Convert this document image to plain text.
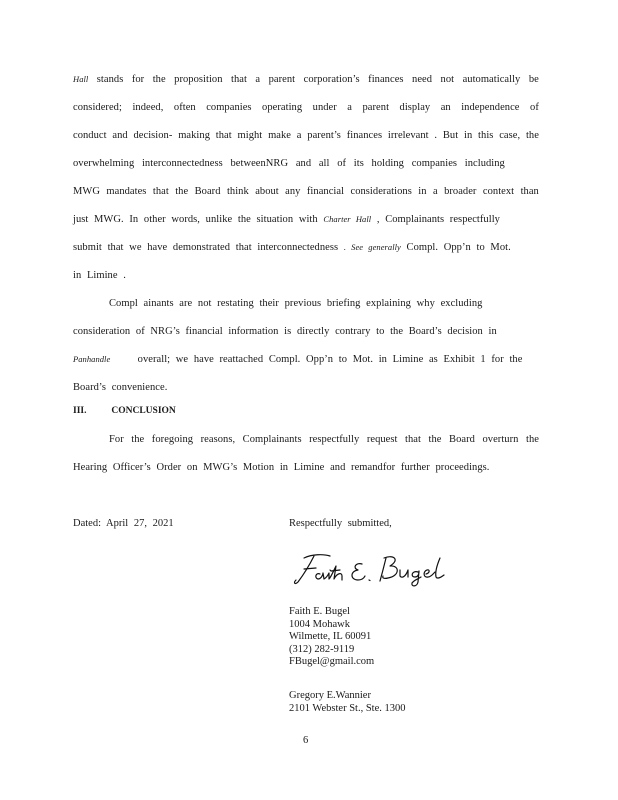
Hall stands for the proposition that a parent corporation’s finances need not automatically be
considered; indeed, often companies operating under a parent display an independence of
conduct and decision- making that might make a parent’s finances irrelevant . But in this case, the
overwhelming interconnectedness betweenNRG and all of its holding companies including
MWG mandates that the Board think about any financial considerations in a broader context than
just MWG. In other words, unlike the situation with Charter Hall , Complainants respectfully
submit that we have demonstrated that interconnectedness . See generally Compl. Opp’n to Mot.
in Limine .
Compl ainants are not restating their previous briefing explaining why excluding
consideration of NRG’s financial information is directly contrary to the Board’s decision in
Panhandle	overall; we have reattached Compl. Opp’n to Mot. in Limine as Exhibit 1 for the
Board’s convenience.
III.	CONCLUSION
For the foregoing reasons, Complainants respectfully request that the Board overturn the
Hearing Officer’s Order on MWG’s Motion in Limine and remandfor further proceedings.
Dated: April 27, 2021	Respectfully submitted,
Faith E. Bugel
1004 Mohawk
Wilmette, IL 60091
(312) 282-9119
FBugel@gmail.com
Gregory E.Wannier
2101 Webster St., Ste. 1300
6
